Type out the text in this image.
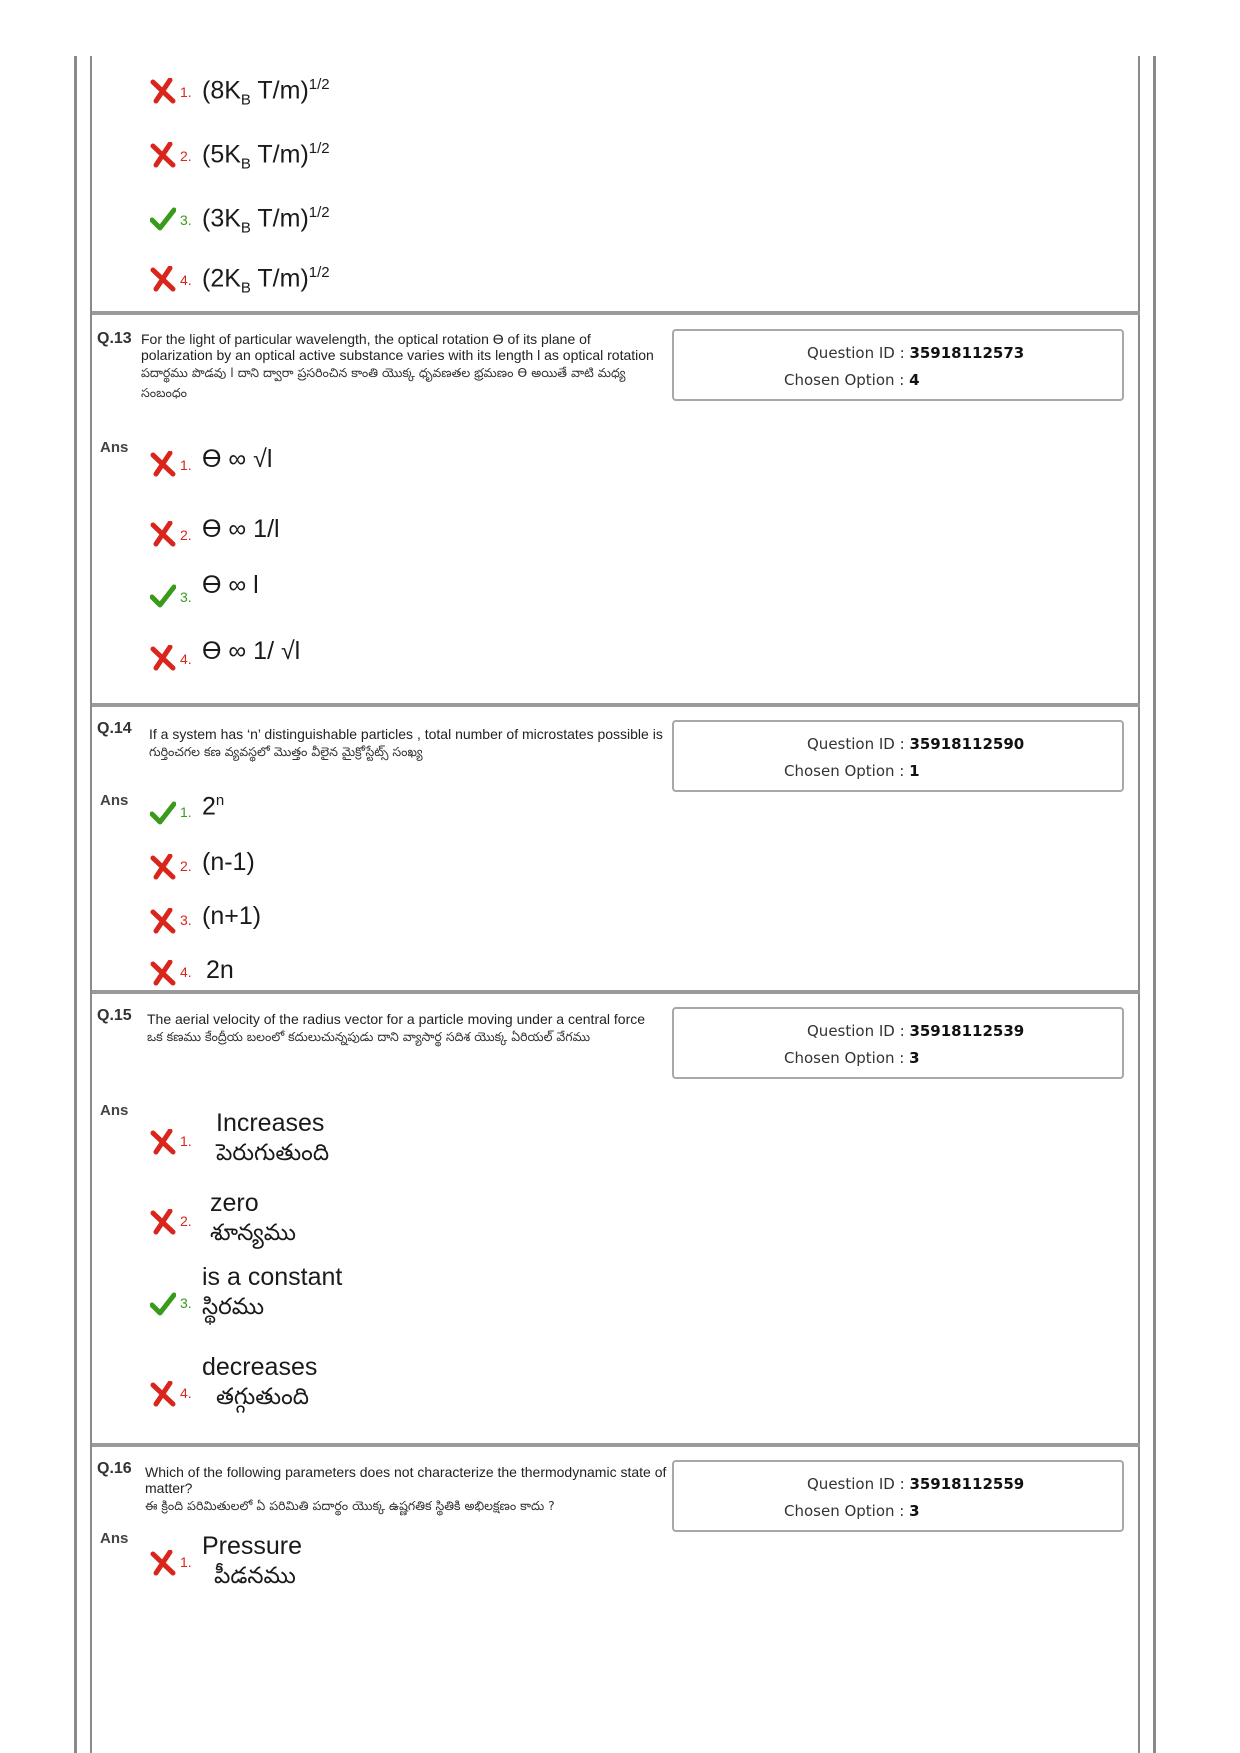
1. ($8K_B$ T/m)$^{1/2}$
2. ($5K_B$ T/m)$^{1/2}$
3. ($3K_B$ T/m)$^{1/2}$
4. ($2K_B$ T/m)$^{1/2}$
Q.13 For the light of particular wavelength, the optical rotation ϴ of its plane of polarization by an optical active substance varies with its length l as optical rotation
పదార్థము పొడవు l దాని ద్వారా ప్రసరించిన కాంతి యొక్క ధృవణతల భ్రమణం ϴ అయితే వాటి మధ్య సంబంధం
Question ID : 35918112573
Chosen Option : 4
Ans
1. ϴ ∞ √l
2. ϴ ∞ 1/l
3. ϴ ∞ l
4. ϴ ∞ 1/ √l
Q.14 If a system has ‘n’ distinguishable particles , total number of microstates possible is
గుర్తించగల కణ వ్యవస్థలో మొత్తం వీలైన మైక్రోస్టేట్స్ సంఖ్య	Question ID : 35918112590
Chosen Option : 1
Ans
1. 2$^n$
2. (n-1)
3. (n+1)
4. 2n
Q.15 The aerial velocity of the radius vector for a particle moving under a central force
ఒక కణము కేంద్రీయ బలంలో కదులుచున్నపుడు దాని వ్యాసార్థ సదిశ యొక్క ఏరియల్ వేగము	Question ID : 35918112539
Chosen Option : 3
Ans
1.
Increases
పెరుగుతుంది
2.
zero
శూన్యము
3.
is a constant
స్థిరము
4.
decreases
తగ్గుతుంది
Q.16 Which of the following parameters does not characterize the thermodynamic state of matter?
ఈ క్రింది పరిమితులలో ఏ పరిమితి పదార్థం యొక్క ఉష్ణగతిక స్థితికి అభిలక్షణం కాదు ?
Question ID : 35918112559
Chosen Option : 3
Ans
1.
Pressure
పీడనము
